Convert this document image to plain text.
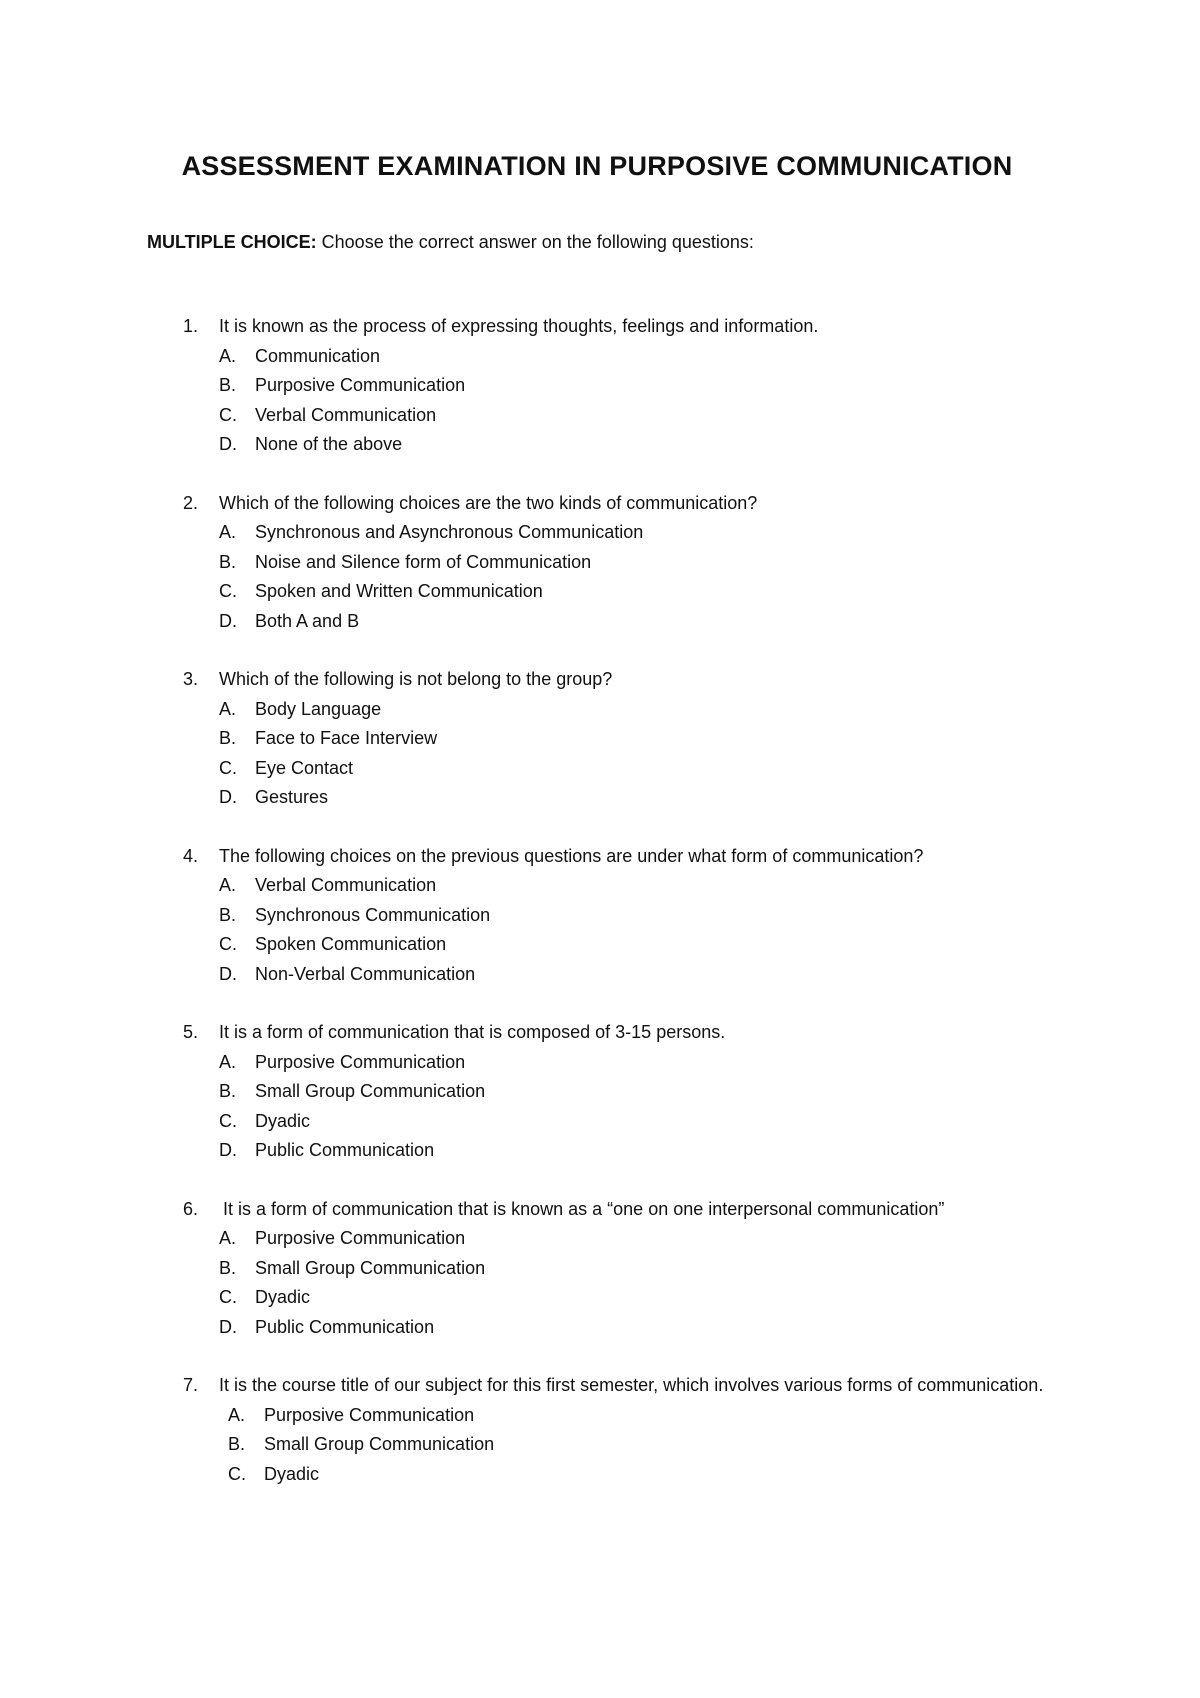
ASSESSMENT EXAMINATION IN PURPOSIVE COMMUNICATION
MULTIPLE CHOICE: Choose the correct answer on the following questions:
1.	It is known as the process of expressing thoughts, feelings and information.
A. Communication
B. Purposive Communication
C. Verbal Communication
D. None of the above
2.	Which of the following choices are the two kinds of communication?
A. Synchronous and Asynchronous Communication
B. Noise and Silence form of Communication
C. Spoken and Written Communication
D. Both A and B
3.	Which of the following is not belong to the group?
A. Body Language
B. Face to Face Interview
C. Eye Contact
D. Gestures
4.	The following choices on the previous questions are under what form of communication?
A. Verbal Communication
B. Synchronous Communication
C. Spoken Communication
D. Non-Verbal Communication
5.	It is a form of communication that is composed of 3-15 persons.
A. Purposive Communication
B. Small Group Communication
C. Dyadic
D. Public Communication
6.	It is a form of communication that is known as a “one on one interpersonal communication”
A. Purposive Communication
B. Small Group Communication
C. Dyadic
D. Public Communication
7.	It is the course title of our subject for this first semester, which involves various forms of communication.
A. Purposive Communication
B. Small Group Communication
C. Dyadic
